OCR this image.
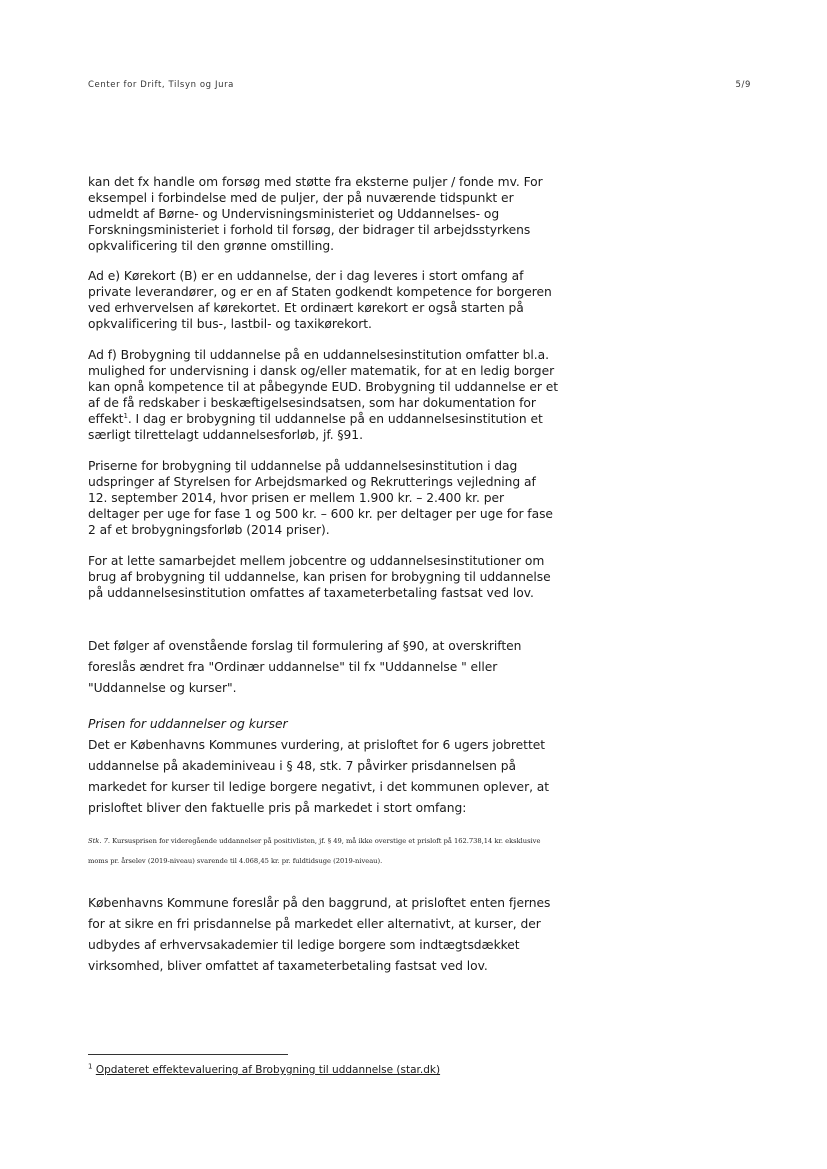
Center for Drift, Tilsyn og Jura	5/9

kan det fx handle om forsøg med støtte fra eksterne puljer / fonde mv. For eksempel i forbindelse med de puljer, der på nuværende tidspunkt er udmeldt af Børne- og Undervisningsministeriet og Uddannelses- og Forskningsministeriet i forhold til forsøg, der bidrager til arbejdsstyrkens opkvalificering til den grønne omstilling.

Ad e) Kørekort (B) er en uddannelse, der i dag leveres i stort omfang af private leverandører, og er en af Staten godkendt kompetence for borgeren ved erhvervelsen af kørekortet. Et ordinært kørekort er også starten på opkvalificering til bus-, lastbil- og taxikørekort.

Ad f) Brobygning til uddannelse på en uddannelsesinstitution omfatter bl.a. mulighed for undervisning i dansk og/eller matematik, for at en ledig borger kan opnå kompetence til at påbegynde EUD. Brobygning til uddannelse er et af de få redskaber i beskæftigelsesindsatsen, som har dokumentation for effekt$^1$. I dag er brobygning til uddannelse på en uddannelsesinstitution et særligt tilrettelagt uddannelsesforløb, jf. §91.

Priserne for brobygning til uddannelse på uddannelsesinstitution i dag udspringer af Styrelsen for Arbejdsmarked og Rekrutterings vejledning af 12. september 2014, hvor prisen er mellem 1.900 kr. – 2.400 kr. per deltager per uge for fase 1 og 500 kr. – 600 kr. per deltager per uge for fase 2 af et brobygningsforløb (2014 priser).

For at lette samarbejdet mellem jobcentre og uddannelsesinstitutioner om brug af brobygning til uddannelse, kan prisen for brobygning til uddannelse på uddannelsesinstitution omfattes af taxameterbetaling fastsat ved lov.

Det følger af ovenstående forslag til formulering af §90, at overskriften foreslås ændret fra "Ordinær uddannelse" til fx "Uddannelse " eller "Uddannelse og kurser".

Prisen for uddannelser og kurser
Det er Københavns Kommunes vurdering, at prisloftet for 6 ugers jobrettet uddannelse på akademiniveau i § 48, stk. 7 påvirker prisdannelsen på markedet for kurser til ledige borgere negativt, i det kommunen oplever, at prisloftet bliver den faktuelle pris på markedet i stort omfang:

Stk. 7. Kursusprisen for videregående uddannelser på positivlisten, jf. § 49, må ikke overstige et prisloft på 162.738,14 kr. eksklusive moms pr. årselev (2019-niveau) svarende til 4.068,45 kr. pr. fuldtidsuge (2019-niveau).

Københavns Kommune foreslår på den baggrund, at prisloftet enten fjernes for at sikre en fri prisdannelse på markedet eller alternativt, at kurser, der udbydes af erhvervsakademier til ledige borgere som indtægtsdækket virksomhed, bliver omfattet af taxameterbetaling fastsat ved lov.

$^1$ Opdateret effektevaluering af Brobygning til uddannelse (star.dk)
